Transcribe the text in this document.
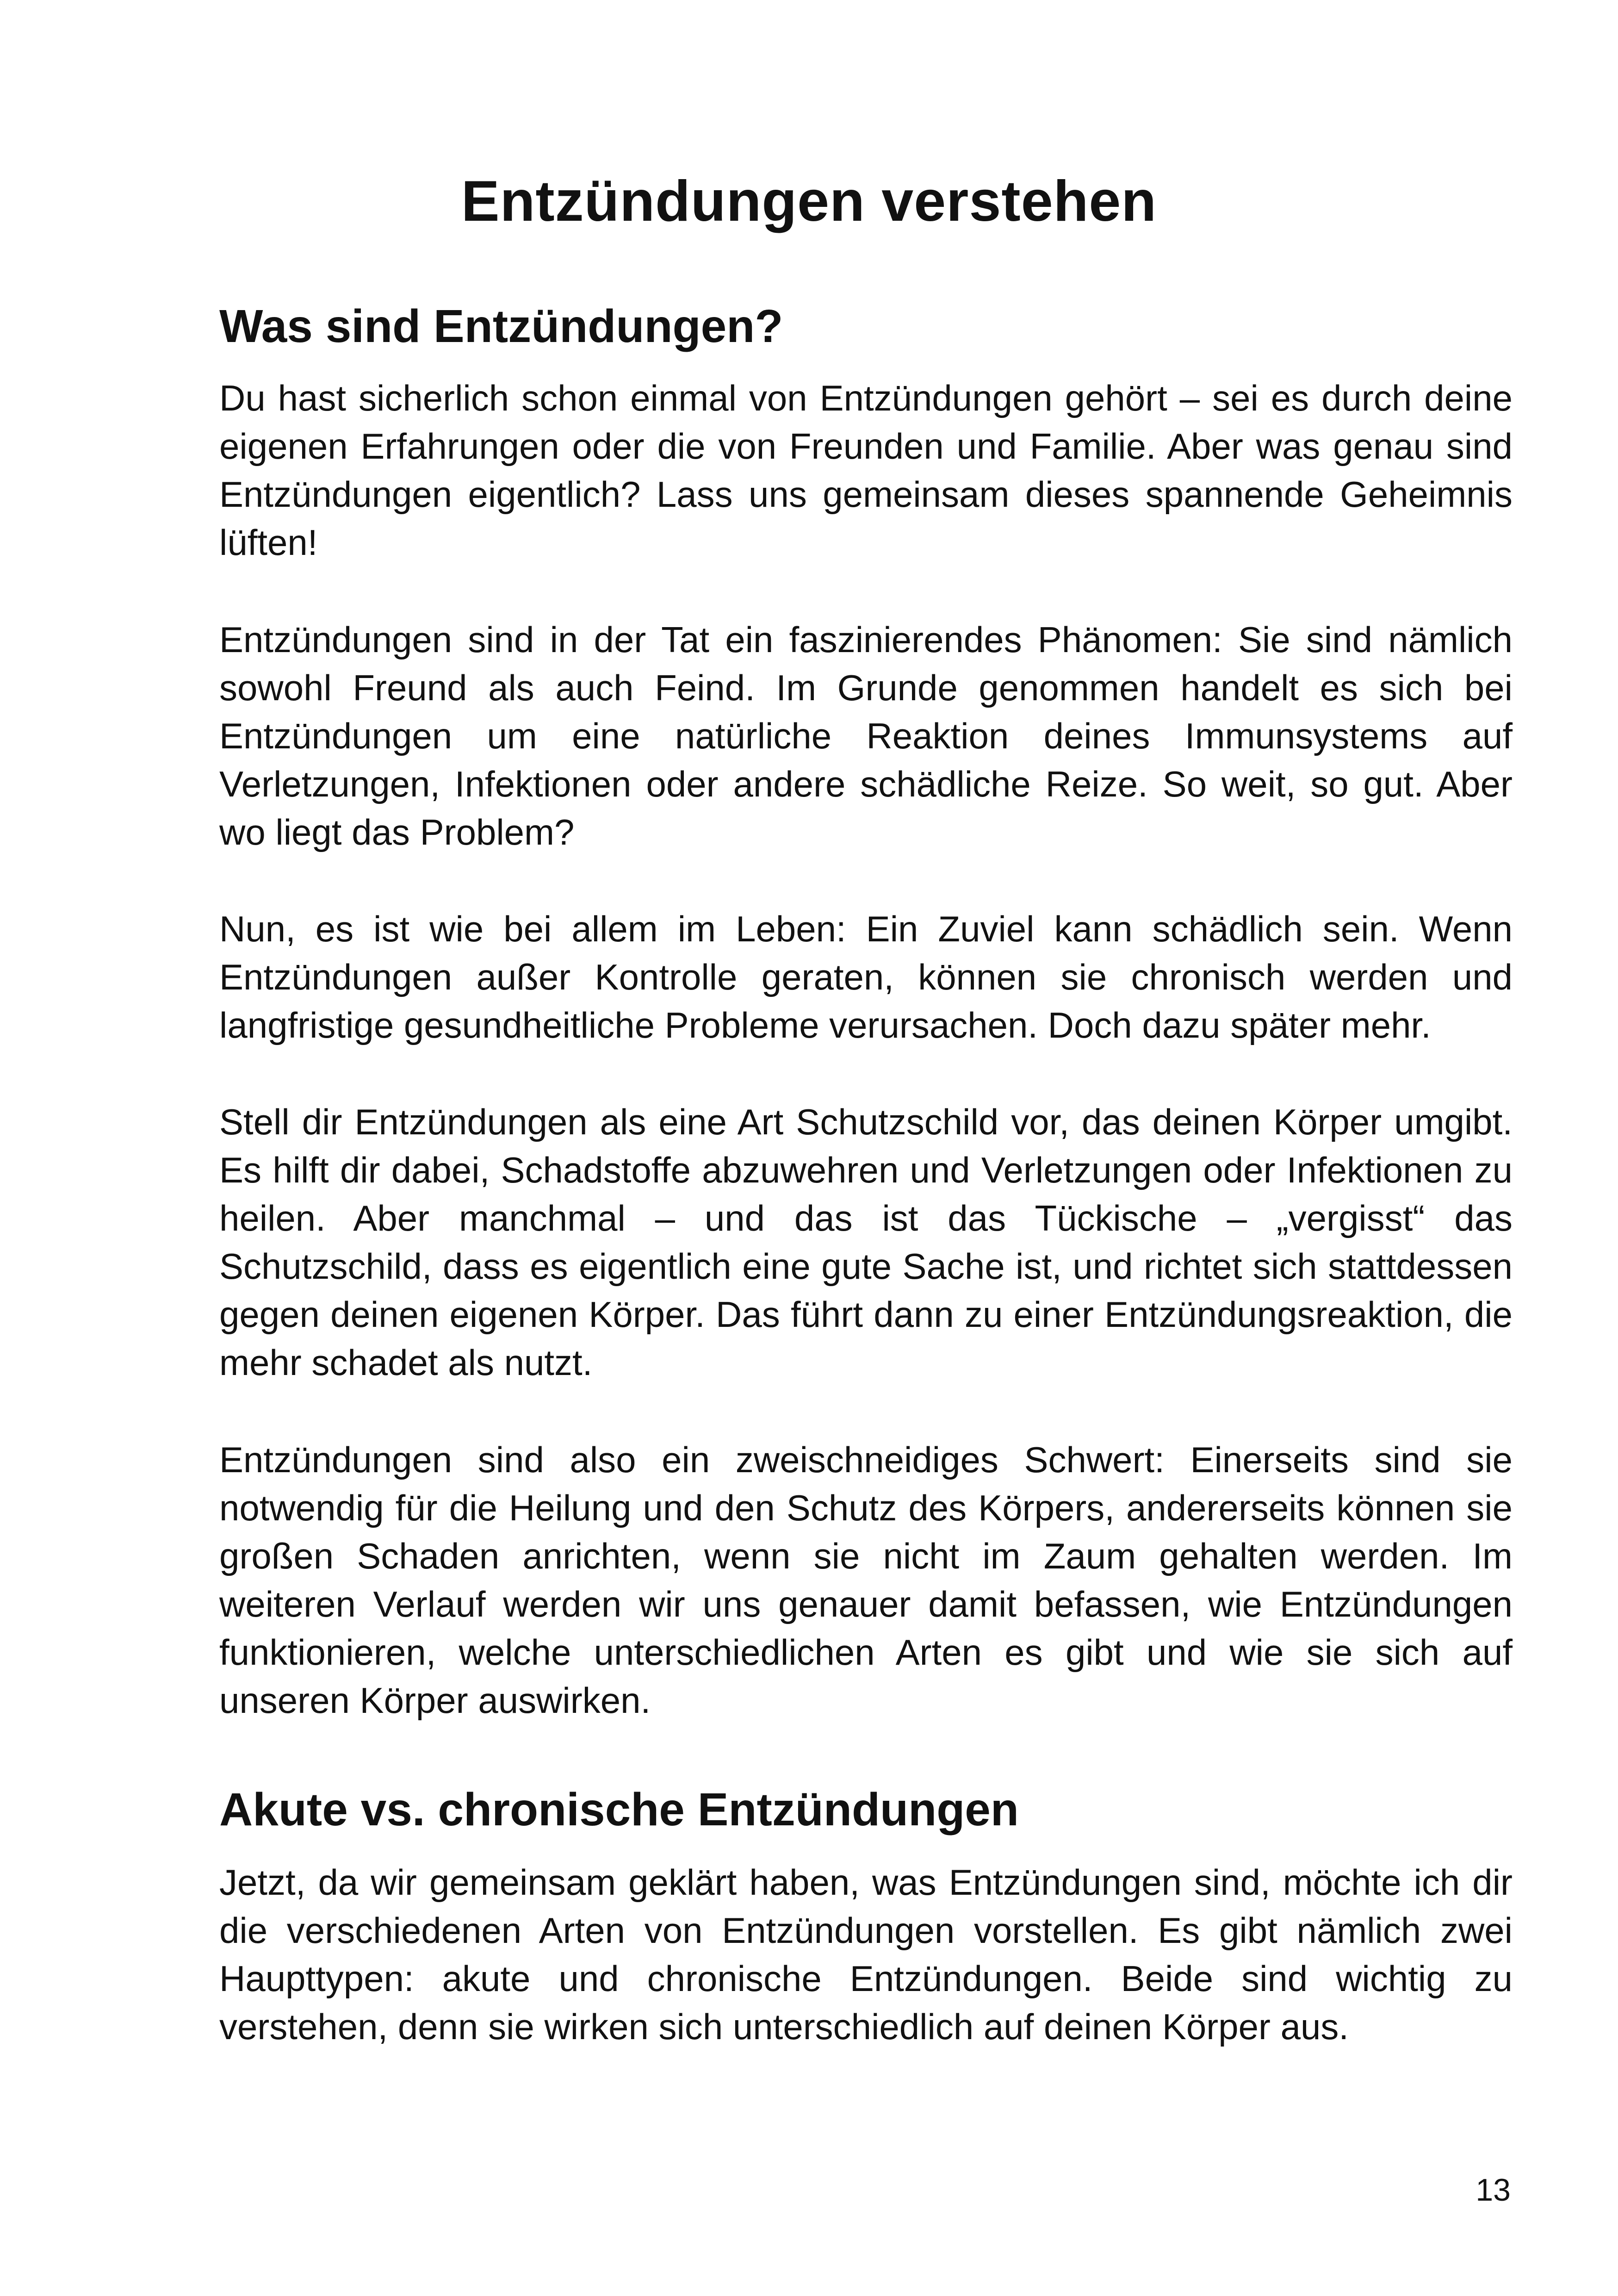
Entzündungen verstehen
Was sind Entzündungen?

Du hast sicherlich schon einmal von Entzündungen gehört – sei es durch deine eigenen Erfahrungen oder die von Freunden und Familie. Aber was genau sind Entzündungen eigentlich? Lass uns gemeinsam dieses spannende Geheimnis lüften!

Entzündungen sind in der Tat ein faszinierendes Phänomen: Sie sind nämlich sowohl Freund als auch Feind. Im Grunde genommen handelt es sich bei Entzündungen um eine natürliche Reaktion deines Immunsystems auf Verletzungen, Infektionen oder andere schädliche Reize. So weit, so gut. Aber wo liegt das Problem?

Nun, es ist wie bei allem im Leben: Ein Zuviel kann schädlich sein. Wenn Entzündungen außer Kontrolle geraten, können sie chronisch werden und langfristige gesundheitliche Probleme verursachen. Doch dazu später mehr.

Stell dir Entzündungen als eine Art Schutzschild vor, das deinen Körper umgibt. Es hilft dir dabei, Schadstoffe abzuwehren und Verletzungen oder Infektionen zu heilen. Aber manchmal – und das ist das Tückische – „vergisst“ das Schutzschild, dass es eigentlich eine gute Sache ist, und richtet sich stattdessen gegen deinen eigenen Körper. Das führt dann zu einer Entzündungsreaktion, die mehr schadet als nutzt.

Entzündungen sind also ein zweischneidiges Schwert: Einerseits sind sie notwendig für die Heilung und den Schutz des Körpers, andererseits können sie großen Schaden anrichten, wenn sie nicht im Zaum gehalten werden. Im weiteren Verlauf werden wir uns genauer damit befassen, wie Entzündungen funktionieren, welche unterschiedlichen Arten es gibt und wie sie sich auf unseren Körper auswirken.

Akute vs. chronische Entzündungen

Jetzt, da wir gemeinsam geklärt haben, was Entzündungen sind, möchte ich dir die verschiedenen Arten von Entzündungen vorstellen. Es gibt nämlich zwei Haupttypen: akute und chronische Entzündungen. Beide sind wichtig zu verstehen, denn sie wirken sich unterschiedlich auf deinen Körper aus.

13
